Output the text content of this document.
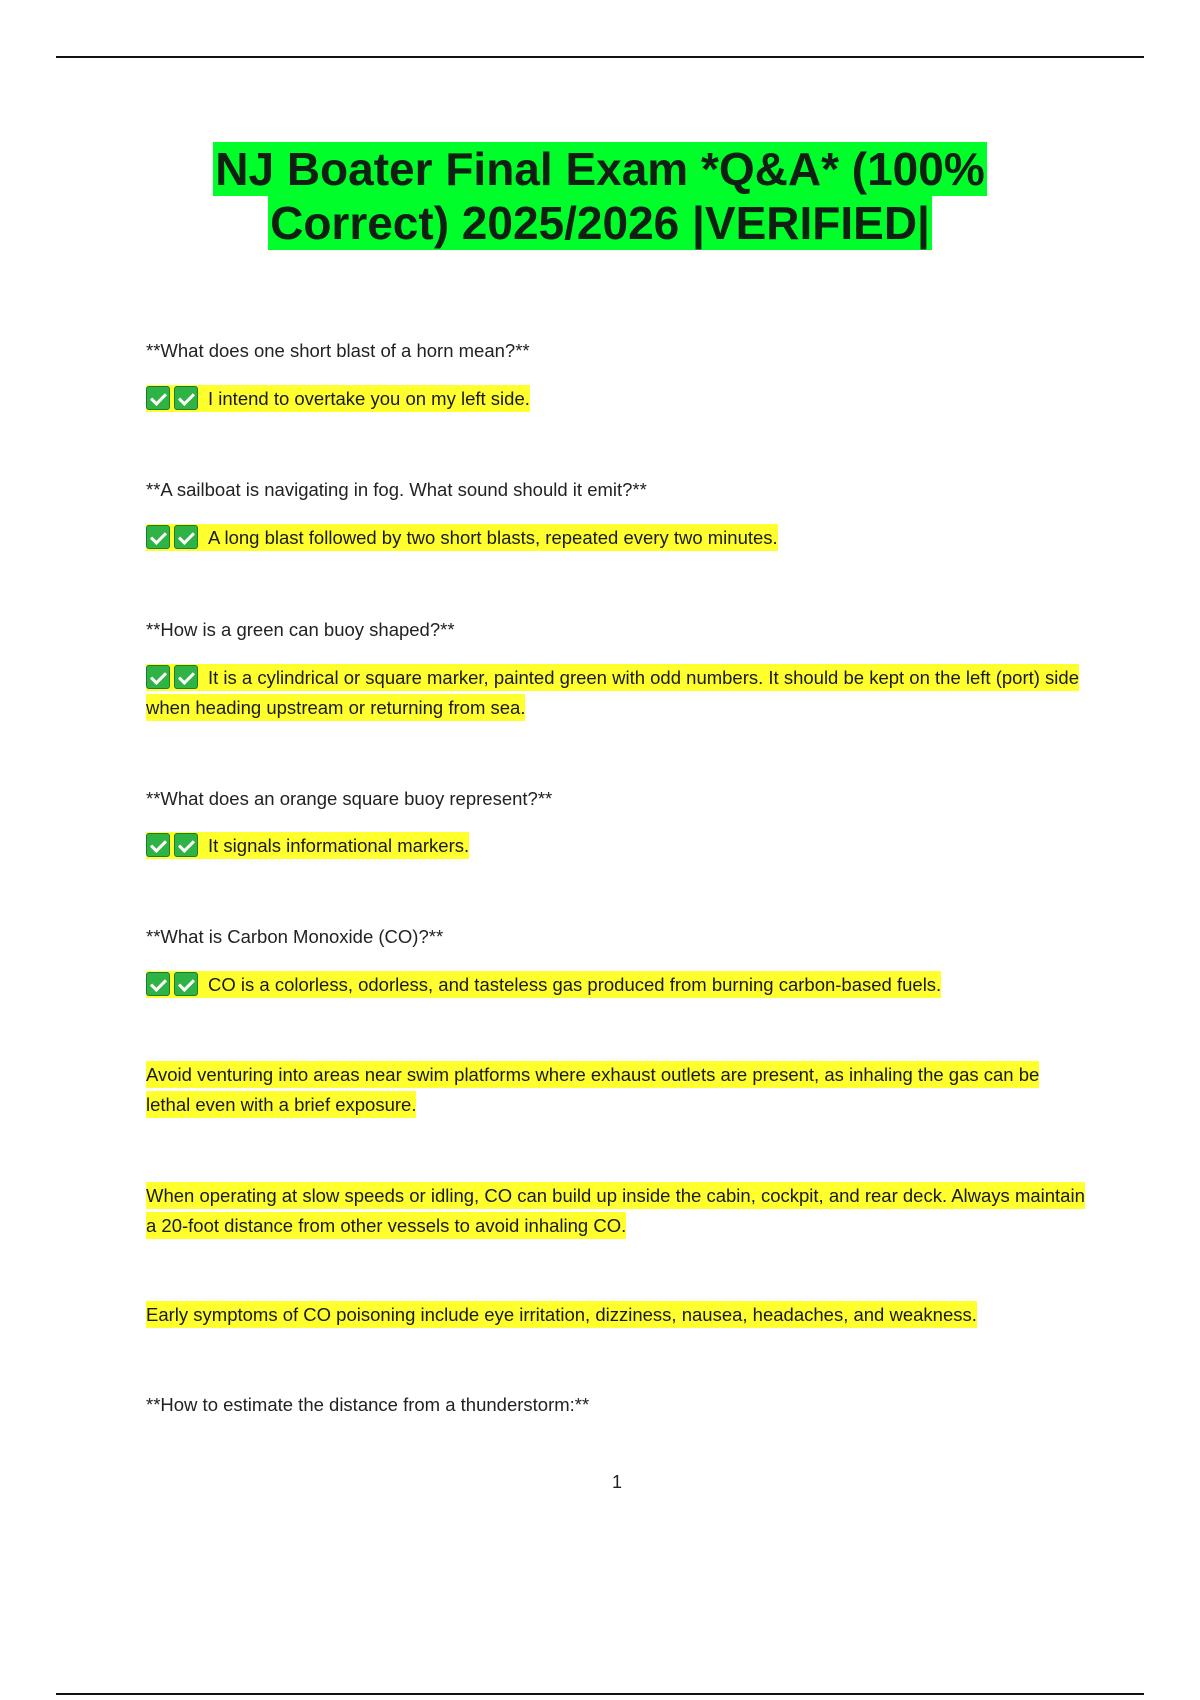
NJ Boater Final Exam *Q&A* (100%
Correct) 2025/2026 |VERIFIED|
**What does one short blast of a horn mean?**
I intend to overtake you on my left side.
**A sailboat is navigating in fog. What sound should it emit?**
A long blast followed by two short blasts, repeated every two minutes.
**How is a green can buoy shaped?**
It is a cylindrical or square marker, painted green with odd numbers. It should be kept on the left (port) side when heading upstream or returning from sea.
**What does an orange square buoy represent?**
It signals informational markers.
**What is Carbon Monoxide (CO)?**
CO is a colorless, odorless, and tasteless gas produced from burning carbon-based fuels.
Avoid venturing into areas near swim platforms where exhaust outlets are present, as inhaling the gas can be lethal even with a brief exposure.
When operating at slow speeds or idling, CO can build up inside the cabin, cockpit, and rear deck. Always maintain a 20-foot distance from other vessels to avoid inhaling CO.
Early symptoms of CO poisoning include eye irritation, dizziness, nausea, headaches, and weakness.
**How to estimate the distance from a thunderstorm:**
1
